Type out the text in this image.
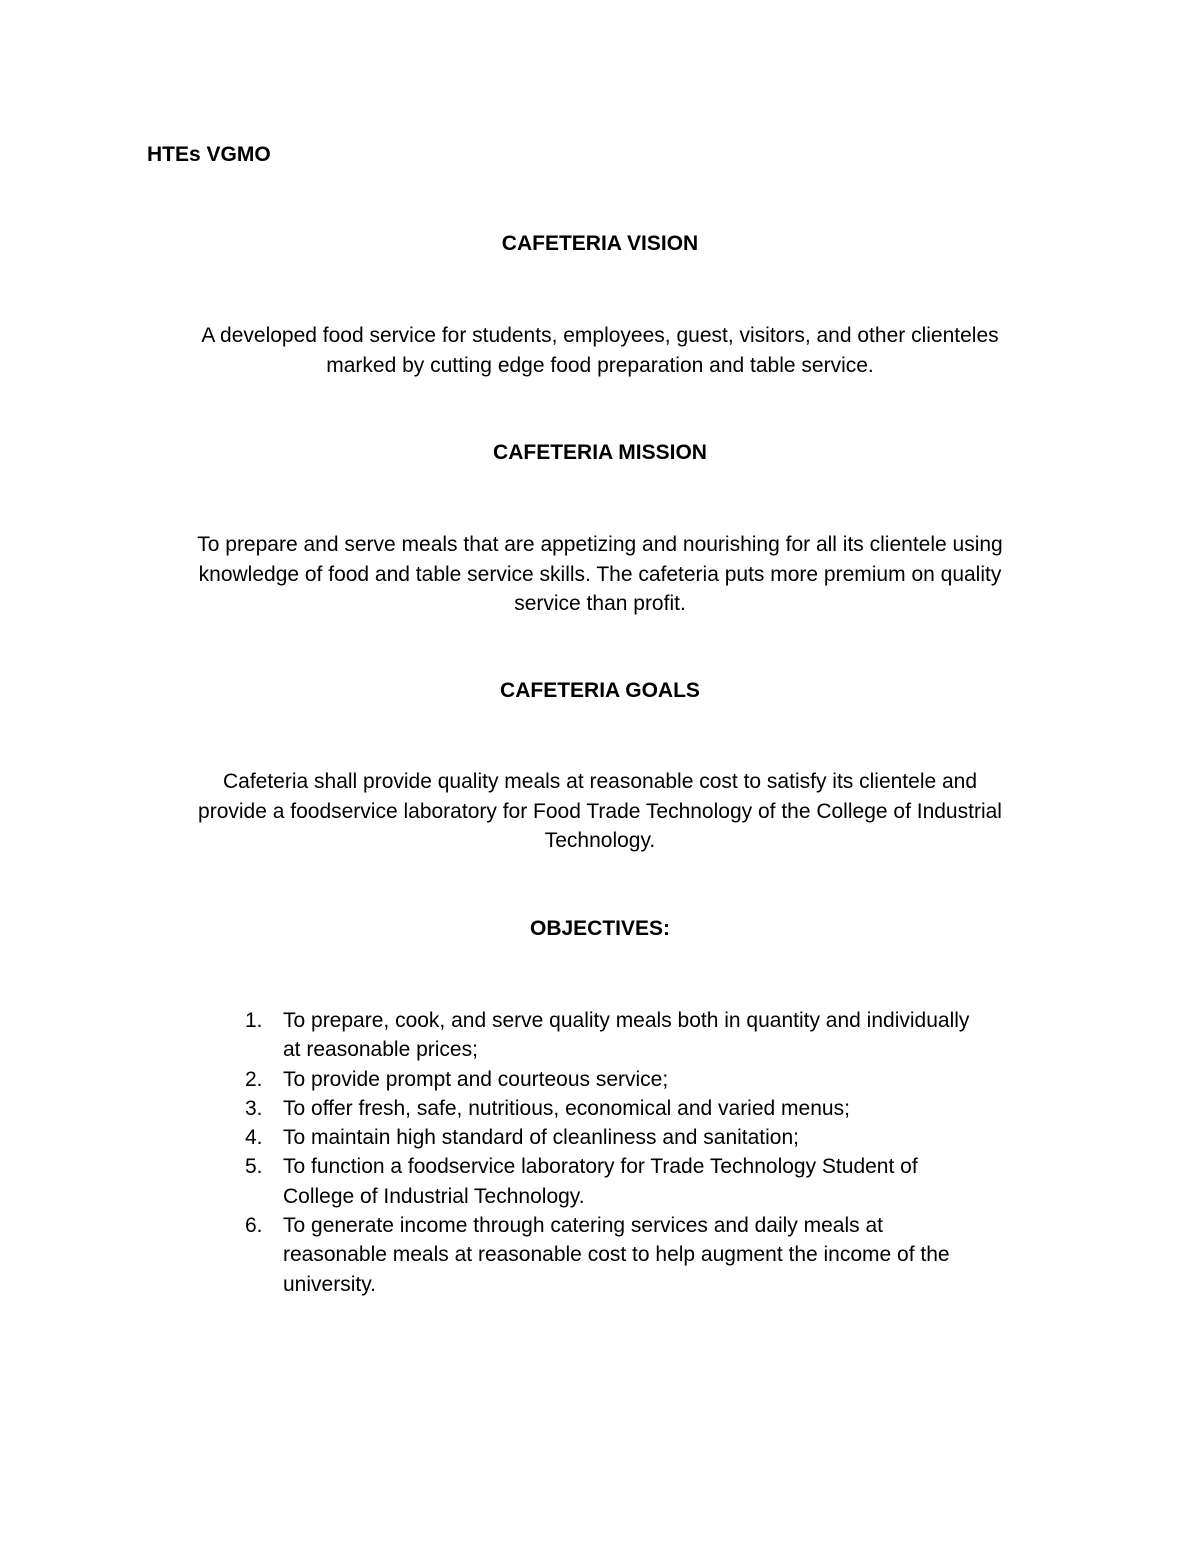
HTEs VGMO
CAFETERIA VISION

A developed food service for students, employees, guest, visitors, and other clienteles
marked by cutting edge food preparation and table service.

CAFETERIA MISSION

To prepare and serve meals that are appetizing and nourishing for all its clientele using
knowledge of food and table service skills. The cafeteria puts more premium on quality
service than profit.

CAFETERIA GOALS

Cafeteria shall provide quality meals at reasonable cost to satisfy its clientele and
provide a foodservice laboratory for Food Trade Technology of the College of Industrial
Technology.

OBJECTIVES:
1. To prepare, cook, and serve quality meals both in quantity and individually
at reasonable prices;
2. To provide prompt and courteous service;
3. To offer fresh, safe, nutritious, economical and varied menus;
4. To maintain high standard of cleanliness and sanitation;
5. To function a foodservice laboratory for Trade Technology Student of
College of Industrial Technology.
6. To generate income through catering services and daily meals at
reasonable meals at reasonable cost to help augment the income of the
university.
